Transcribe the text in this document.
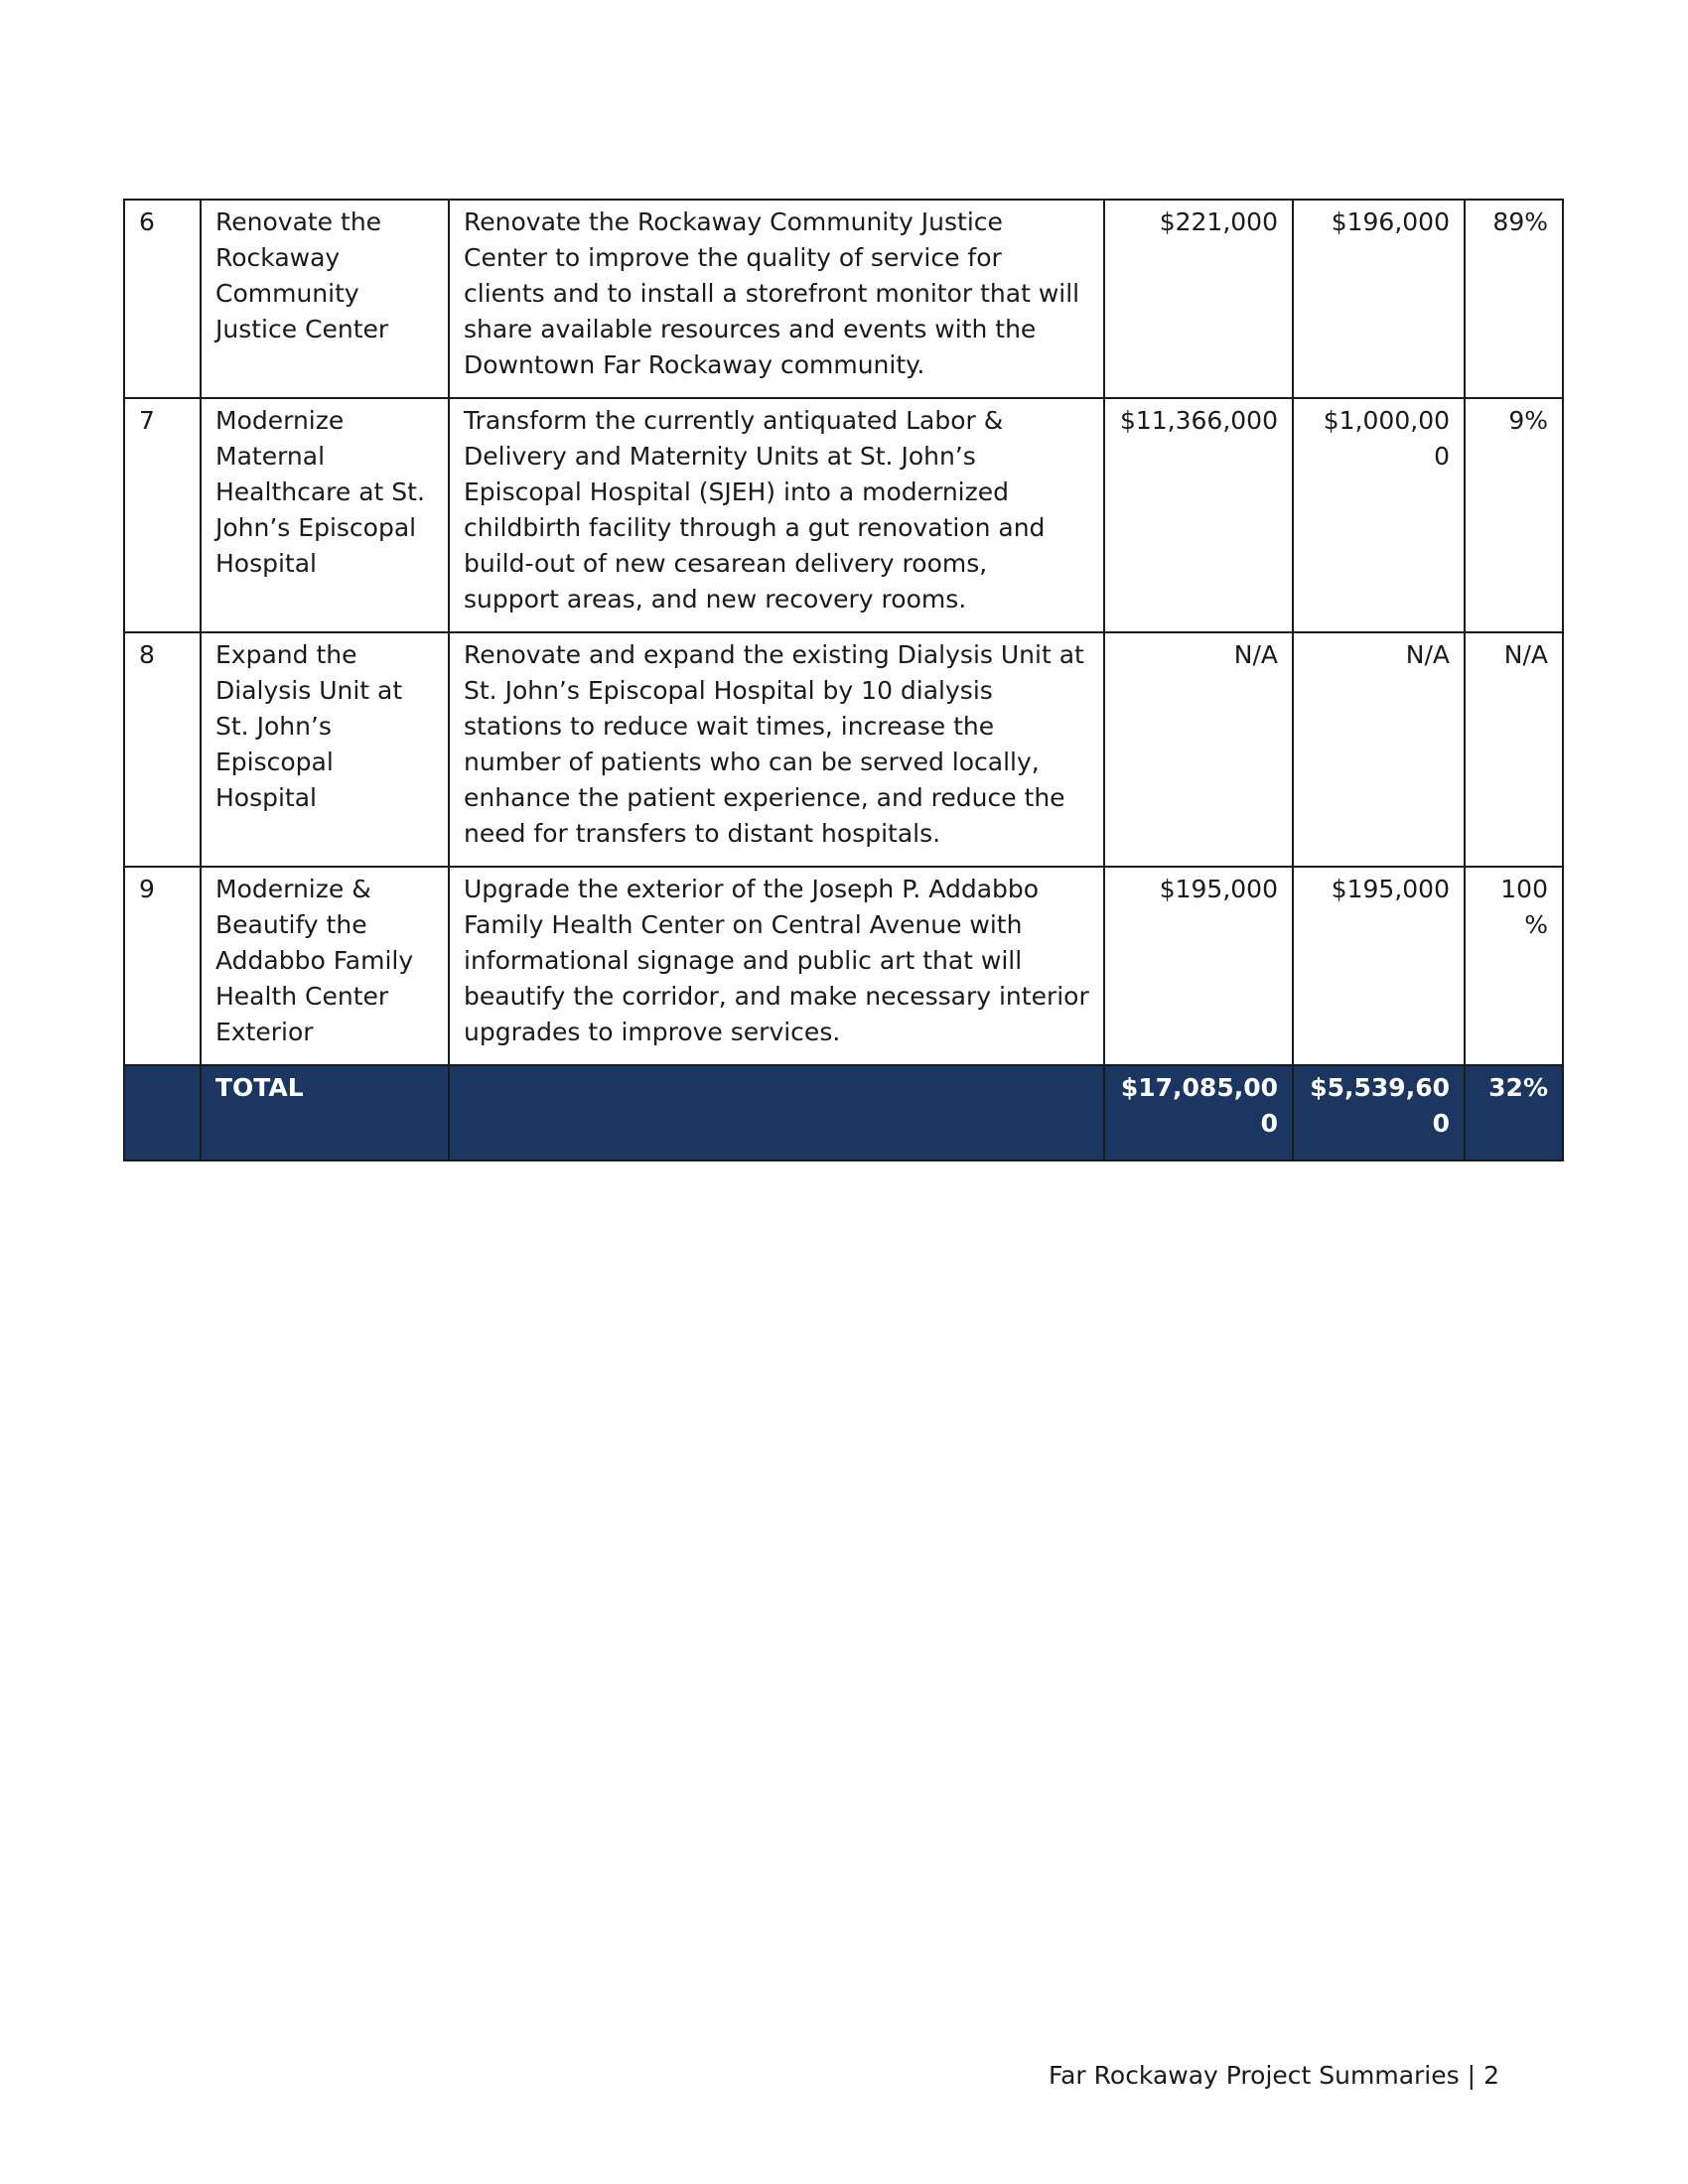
6	Renovate the Rockaway Community Justice Center	Renovate the Rockaway Community Justice Center to improve the quality of service for clients and to install a storefront monitor that will share available resources and events with the Downtown Far Rockaway community.	$221,000	$196,000	89%
7	Modernize Maternal Healthcare at St. John’s Episcopal Hospital	Transform the currently antiquated Labor & Delivery and Maternity Units at St. John’s Episcopal Hospital (SJEH) into a modernized childbirth facility through a gut renovation and build-out of new cesarean delivery rooms, support areas, and new recovery rooms.	$11,366,000	$1,000,000	9%
8	Expand the Dialysis Unit at St. John’s Episcopal Hospital	Renovate and expand the existing Dialysis Unit at St. John’s Episcopal Hospital by 10 dialysis stations to reduce wait times, increase the number of patients who can be served locally, enhance the patient experience, and reduce the need for transfers to distant hospitals.	N/A	N/A	N/A
9	Modernize & Beautify the Addabbo Family Health Center Exterior	Upgrade the exterior of the Joseph P. Addabbo Family Health Center on Central Avenue with informational signage and public art that will beautify the corridor, and make necessary interior upgrades to improve services.	$195,000	$195,000	100%
	TOTAL		$17,085,000	$5,539,600	32%
Far Rockaway Project Summaries | 2
